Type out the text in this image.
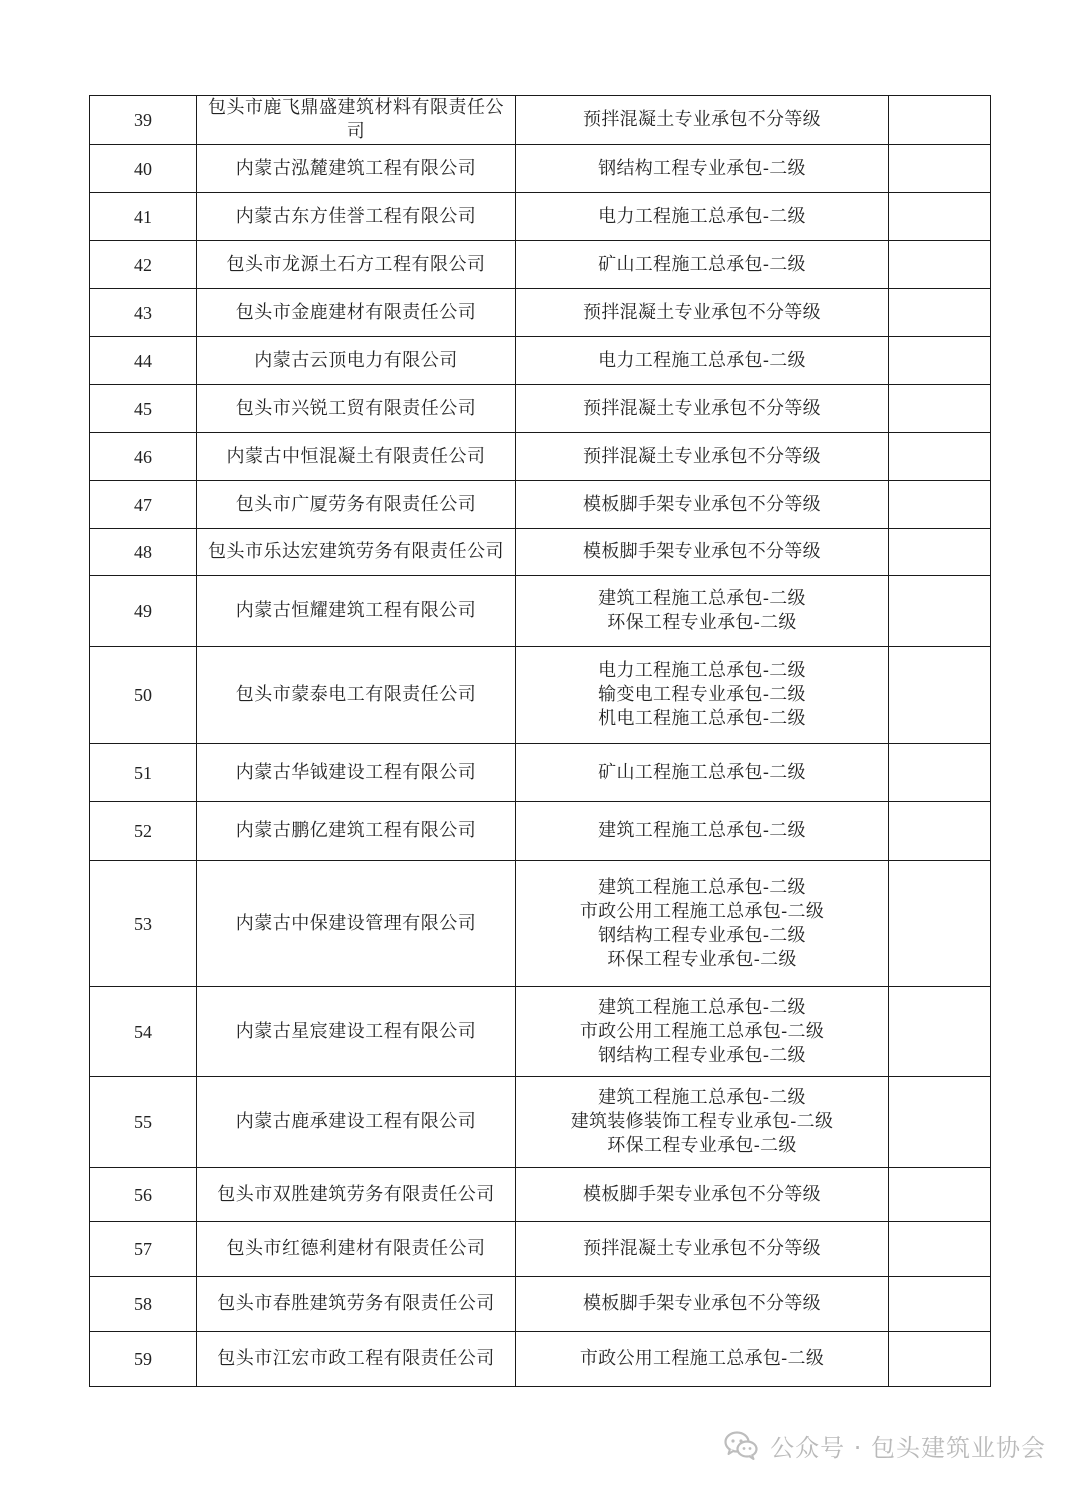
39	包头市鹿飞鼎盛建筑材料有限责任公司	预拌混凝土专业承包不分等级	

40	内蒙古泓麓建筑工程有限公司	钢结构工程专业承包-二级	

41	内蒙古东方佳誉工程有限公司	电力工程施工总承包-二级	

42	包头市龙源土石方工程有限公司	矿山工程施工总承包-二级	

43	包头市金鹿建材有限责任公司	预拌混凝土专业承包不分等级	

44	内蒙古云顶电力有限公司	电力工程施工总承包-二级	

45	包头市兴锐工贸有限责任公司	预拌混凝土专业承包不分等级	

46	内蒙古中恒混凝土有限责任公司	预拌混凝土专业承包不分等级	

47	包头市广厦劳务有限责任公司	模板脚手架专业承包不分等级	

48	包头市乐达宏建筑劳务有限责任公司	模板脚手架专业承包不分等级	

49	内蒙古恒耀建筑工程有限公司	建筑工程施工总承包-二级
环保工程专业承包-二级	

50	包头市蒙泰电工有限责任公司	电力工程施工总承包-二级
输变电工程专业承包-二级
机电工程施工总承包-二级	

51	内蒙古华钺建设工程有限公司	矿山工程施工总承包-二级	

52	内蒙古鹏亿建筑工程有限公司	建筑工程施工总承包-二级	

53	内蒙古中保建设管理有限公司	建筑工程施工总承包-二级
市政公用工程施工总承包-二级
钢结构工程专业承包-二级
环保工程专业承包-二级	

54	内蒙古星宸建设工程有限公司	建筑工程施工总承包-二级
市政公用工程施工总承包-二级
钢结构工程专业承包-二级	

55	内蒙古鹿承建设工程有限公司	建筑工程施工总承包-二级
建筑装修装饰工程专业承包-二级
环保工程专业承包-二级	

56	包头市双胜建筑劳务有限责任公司	模板脚手架专业承包不分等级	

57	包头市红德利建材有限责任公司	预拌混凝土专业承包不分等级	

58	包头市春胜建筑劳务有限责任公司	模板脚手架专业承包不分等级	

59	包头市江宏市政工程有限责任公司	市政公用工程施工总承包-二级	

公众号 · 包头建筑业协会
